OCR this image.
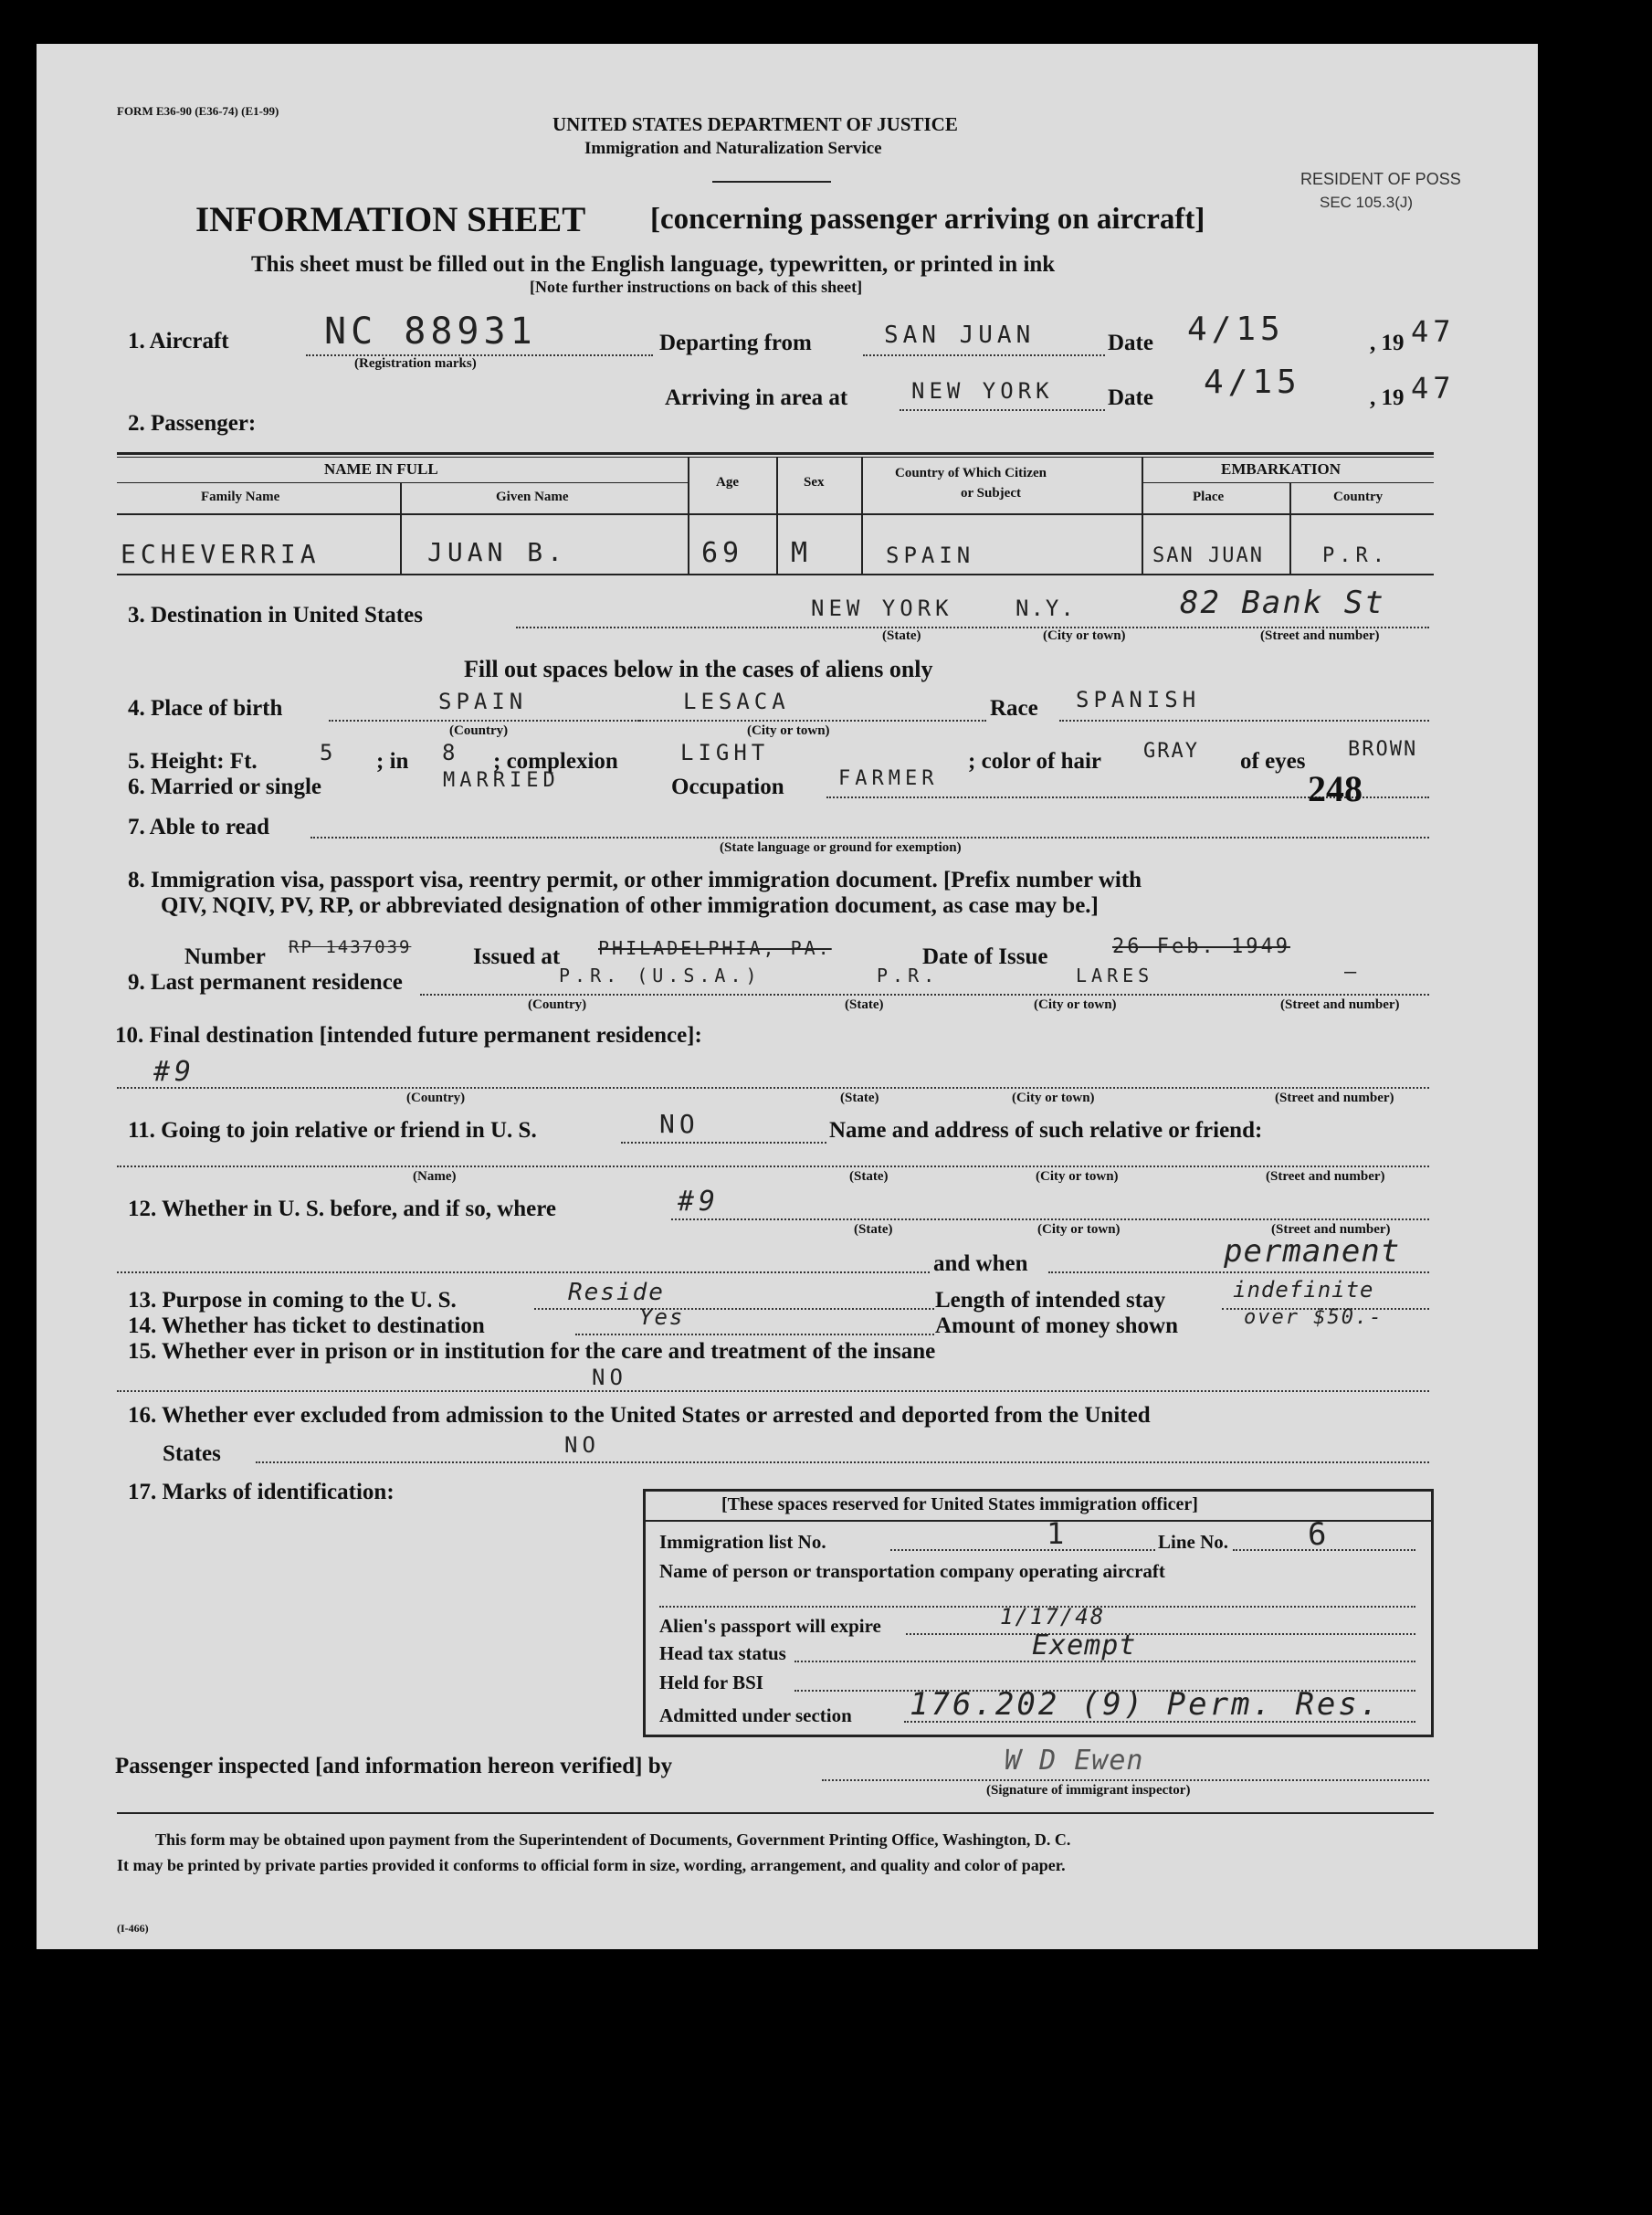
FORM E36-90 (E36-74) (E1-99)
UNITED STATES DEPARTMENT OF JUSTICE
Immigration and Naturalization Service
RESIDENT OF POSS
SEC 105.3(J)
INFORMATION SHEET [concerning passenger arriving on aircraft]
This sheet must be filled out in the English language, typewritten, or printed in ink
[Note further instructions on back of this sheet]
1. Aircraft	NC 88931
(Registration marks)
Departing from	SAN JUAN	Date 4/15	, 19 47
Arriving in area at	NEW YORK Date 4/15	, 19 47
2. Passenger:
NAME IN FULL
Family Name	Given Name
Age	Sex
Country of Which Citizen
or Subject
EMBARKATION
Place	Country
ECHEVERRIA	JUAN B.	69 M	SPAIN	SAN JUAN	P.R.
3. Destination in United States	NEW YORK	N.Y.	82 Bank St
(State)	(City or town)	(Street and number)
Fill out spaces below in the cases of aliens only
4. Place of birth	SPAIN	LESACA
(Country)	(City or town)
Race SPANISH
5. Height: Ft.	5 ; in 8 ; complexion	LIGHT	; color of hair GRAY of eyes BROWN
6. Married or single	MARRIED	Occupation	FARMER	248
7. Able to read
(State language or ground for exemption)
8. Immigration visa, passport visa, reentry permit, or other immigration document. [Prefix number with
QIV, NQIV, PV, RP, or abbreviated designation of other immigration document, as case may be.]
Number RP 1437039	Issued at PHILADELPHIA, PA.	Date of Issue	26 Feb. 1949
9. Last permanent residence	P.R. (U.S.A.)	P.R.	LARES	—
(Country)	(State)	(City or town)	(Street and number)
10. Final destination [intended future permanent residence]:
#9
(Country)	(State)	(City or town)	(Street and number)
11. Going to join relative or friend in U. S.	NO	Name and address of such relative or friend:
(Name)	(State)	(City or town)	(Street and number)
12. Whether in U. S. before, and if so, where	#9
(State)	(City or town)	(Street and number)
and when	permanent
13. Purpose in coming to the U. S.	Reside	Length of intended stay	indefinite
14. Whether has ticket to destination	Yes	Amount of money shown	over $50.-
15. Whether ever in prison or in institution for the care and treatment of the insane
NO
16. Whether ever excluded from admission to the United States or arrested and deported from the United
States	NO
17. Marks of identification:	[These spaces reserved for United States immigration officer]
Immigration list No.	1	Line No.	6
Name of person or transportation company operating aircraft
Alien's passport will expire	1/17/48
Head tax status	Exempt
Held for BSI
Admitted under section 176.202 (9) Perm. Res.
Passenger inspected [and information hereon verified] by	W D Ewen
(Signature of immigrant inspector)
This form may be obtained upon payment from the Superintendent of Documents, Government Printing Office, Washington, D. C.
It may be printed by private parties provided it conforms to official form in size, wording, arrangement, and quality and color of paper.
(I-466)
